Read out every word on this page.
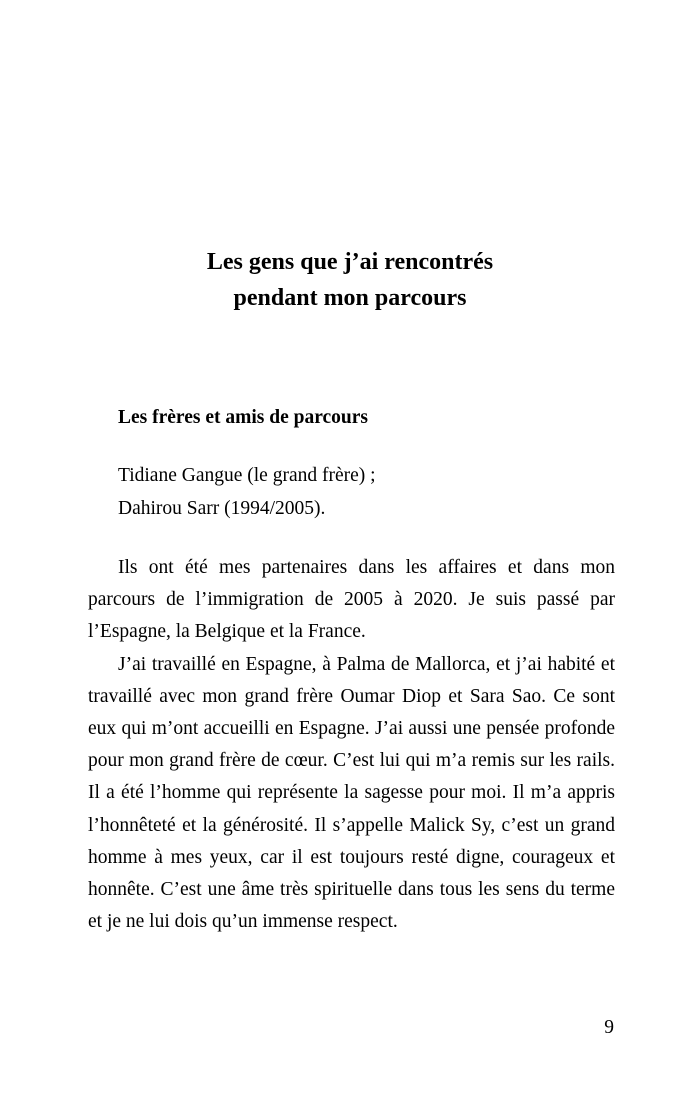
Les gens que j’ai rencontrés
pendant mon parcours
Les frères et amis de parcours
Tidiane Gangue (le grand frère) ;
Dahirou Sarr (1994/2005).

Ils ont été mes partenaires dans les affaires et dans mon parcours de l’immigration de 2005 à 2020. Je suis passé par l’Espagne, la Belgique et la France.

J’ai travaillé en Espagne, à Palma de Mallorca, et j’ai habité et travaillé avec mon grand frère Oumar Diop et Sara Sao. Ce sont eux qui m’ont accueilli en Espagne. J’ai aussi une pensée profonde pour mon grand frère de cœur. C’est lui qui m’a remis sur les rails. Il a été l’homme qui représente la sagesse pour moi. Il m’a appris l’honnêteté et la générosité. Il s’appelle Malick Sy, c’est un grand homme à mes yeux, car il est toujours resté digne, courageux et honnête. C’est une âme très spirituelle dans tous les sens du terme et je ne lui dois qu’un immense respect.

9
